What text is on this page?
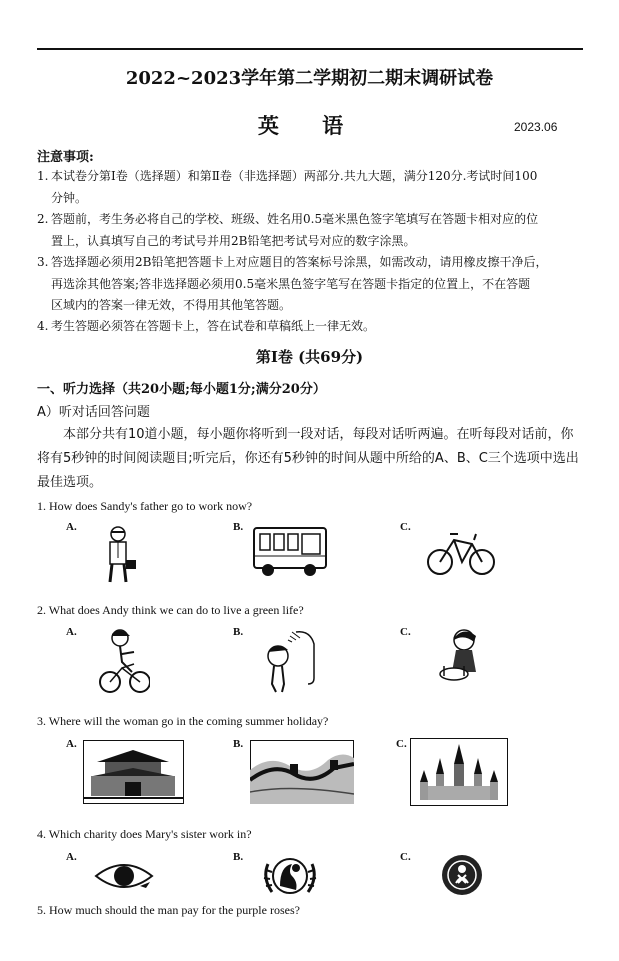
2022~2023学年第二学期初二期末调研试卷
英 语	2023.06
注意事项:
1. 本试卷分第Ⅰ卷（选择题）和第Ⅱ卷（非选择题）两部分.共九大题，满分120分.考试时间100
分钟。
2. 答题前，考生务必将自己的学校、班级、姓名用0.5毫米黑色签字笔填写在答题卡相对应的位
置上，认真填写自己的考试号并用2B铅笔把考试号对应的数字涂黑。
3. 答选择题必须用2B铅笔把答题卡上对应题目的答案标号涂黑，如需改动，请用橡皮擦干净后，
再选涂其他答案;答非选择题必须用0.5毫米黑色签字笔写在答题卡指定的位置上，不在答题
区域内的答案一律无效，不得用其他笔答题。
4. 考生答题必须答在答题卡上，答在试卷和草稿纸上一律无效。
第Ⅰ卷 (共69分)
一、听力选择（共20小题;每小题1分;满分20分）
A）听对话回答问题
本部分共有10道小题，每小题你将听到一段对话，每段对话听两遍。在听每段对话前，你将有5秒钟的时间阅读题目;听完后，你还有5秒钟的时间从题中所给的A、B、C三个选项中选出最佳选项。
1. How does Sandy's father go to work now?
A.	B.	C.
2. What does Andy think we can do to live a green life?
A.	B.	C.
3. Where will the woman go in the coming summer holiday?
A.	B.	C.
4. Which charity does Mary's sister work in?
A.	B.	C.
5. How much should the man pay for the purple roses?
